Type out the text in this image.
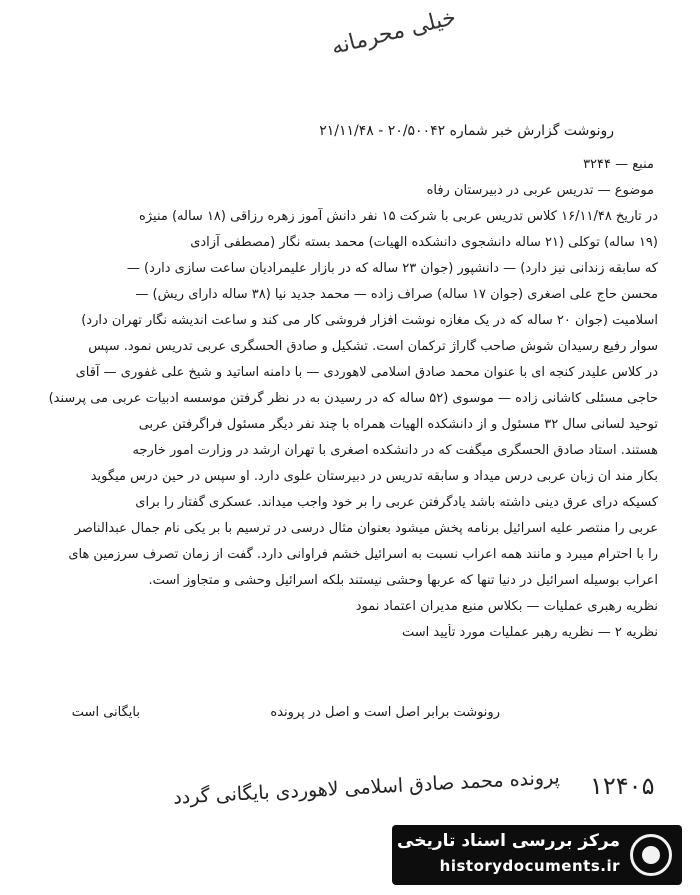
خیلی محرمانه
رونوشت گزارش خبر شماره ۲۰/۵۰۰۴۲ - ۲۱/۱۱/۴۸
منبع — ۳۲۴۴
موضوع — تدریس عربی در دبیرستان رفاه
در تاریخ ۱۶/۱۱/۴۸ کلاس تدریس عربی با شرکت ۱۵ نفر دانش آموز زهره رزاقی (۱۸ ساله) منیژه
(۱۹ ساله) توکلی (۲۱ ساله دانشجوی دانشکده الهیات) محمد بسته نگار (مصطفی آزادی
که سابقه زندانی نیز دارد) — دانشپور (جوان ۲۳ ساله که در بازار علیمرادیان ساعت سازی دارد) —
محسن حاج علی اصغری (جوان ۱۷ ساله) صراف زاده — محمد جدید نیا (۳۸ ساله دارای ریش) —
اسلامیت (جوان ۲۰ ساله که در یک مغازه نوشت افزار فروشی کار می کند و ساعت اندیشه نگار تهران دارد)
سوار رفیع رسیدان شوش صاحب گاراژ ترکمان است. تشکیل و صادق الحسگری عربی تدریس نمود. سپس
در کلاس علیدر کنجه ای با عنوان محمد صادق اسلامی لاهوردی — با دامنه اساتید و شیخ علی غفوری — آقای
حاجی مسئلی کاشانی زاده — موسوی (۵۲ ساله که در رسیدن به در نظر گرفتن موسسه ادبیات عربی می پرسند)
توحید لسانی سال ۳۲ مسئول و از دانشکده الهیات همراه با چند نفر دیگر مسئول فراگرفتن عربی
هستند. استاد صادق الحسگری میگفت که در دانشکده اصغری با تهران ارشد در وزارت امور خارجه
بکار مند ان زبان عربی درس میداد و سابقه تدریس در دبیرستان علوی دارد. او سپس در حین درس میگوید
کسیکه درای عرق دینی داشته باشد یادگرفتن عربی را بر خود واجب میداند. عسکری گفتار را برای
عربی را منتصر علیه اسرائیل برنامه پخش میشود بعنوان مثال درسی در ترسیم با بر یکی نام جمال عبدالناصر
را با احترام میبرد و مانند همه اعراب نسبت به اسرائیل خشم فراوانی دارد. گفت از زمان تصرف سرزمین های
اعراب بوسیله اسرائیل در دنیا تنها که عربها وحشی نیستند بلکه اسرائیل وحشی و متجاوز است.
نظریه رهبری عملیات — بکلاس منبع مدیران اعتماد نمود
نظریه ۲ — نظریه رهبر عملیات مورد تأیید است
رونوشت برابر اصل است و اصل در پرونده
بایگانی است
۱۲۴۰۵
پرونده محمد صادق اسلامی لاهوردی بایگانی گردد
مرکز بررسی اسناد تاریخی
historydocuments.ir
